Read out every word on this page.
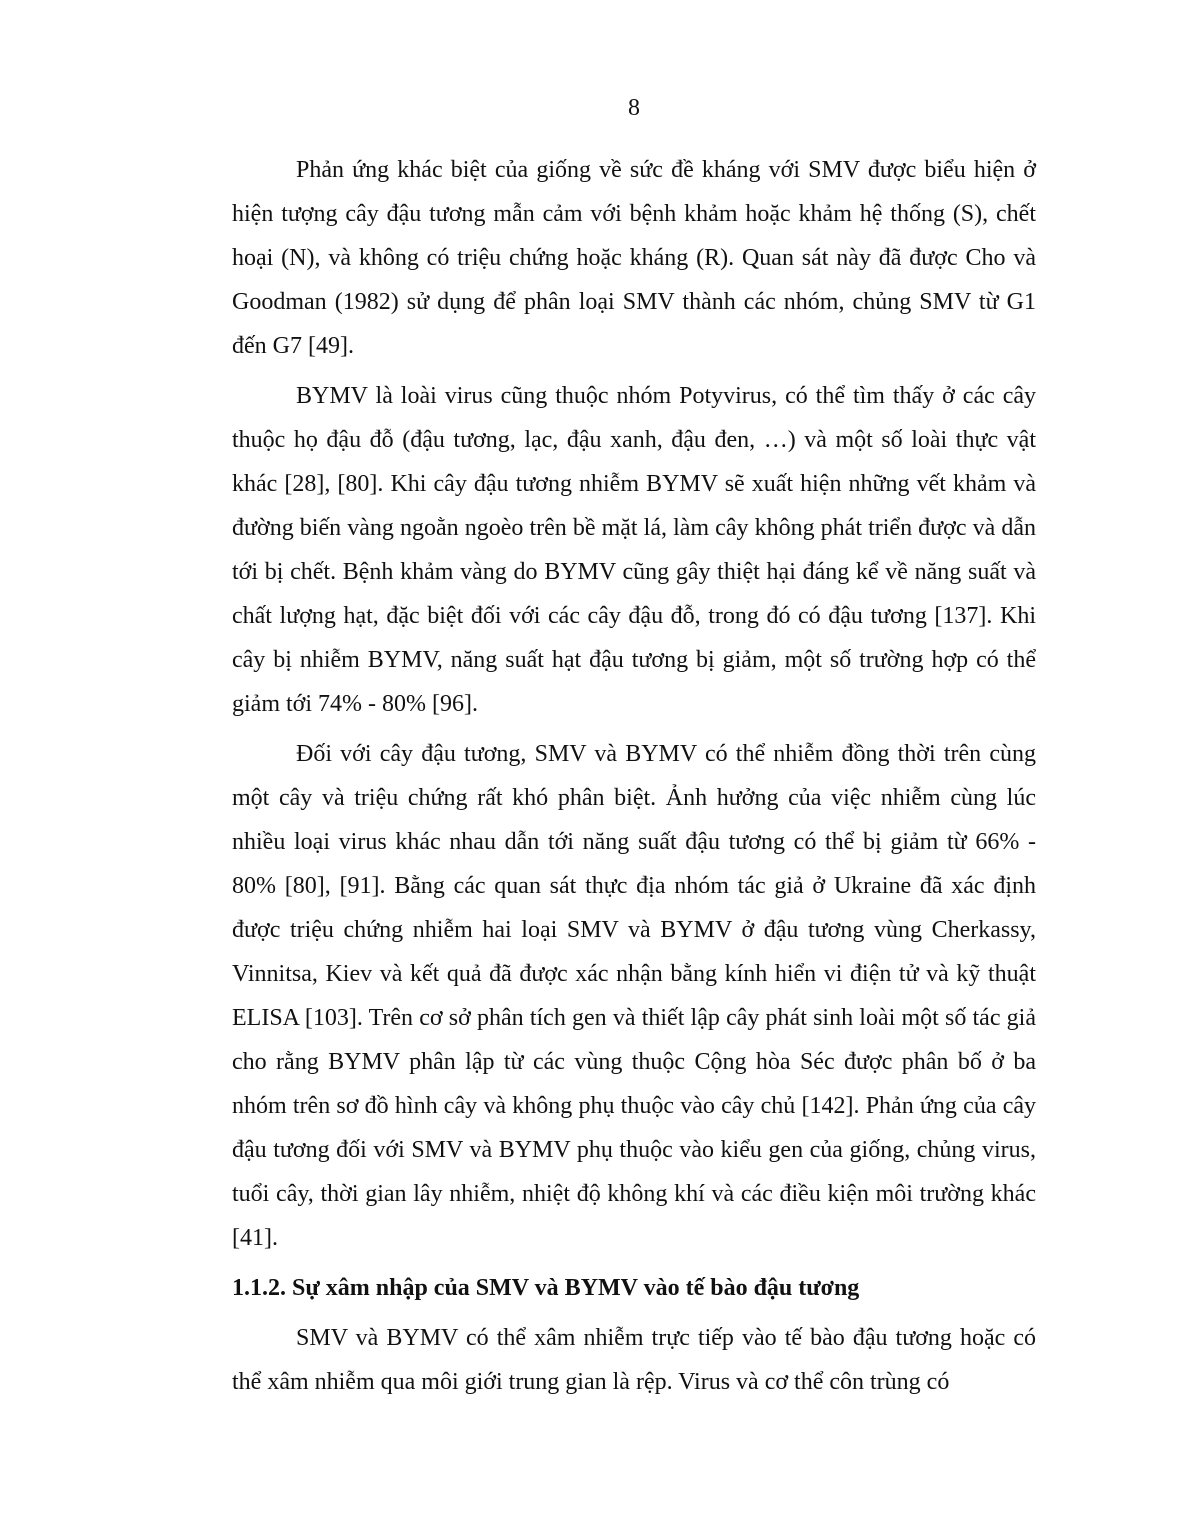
8

Phản ứng khác biệt của giống về sức đề kháng với SMV được biểu hiện ở hiện tượng cây đậu tương mẫn cảm với bệnh khảm hoặc khảm hệ thống (S), chết hoại (N), và không có triệu chứng hoặc kháng (R). Quan sát này đã được Cho và Goodman (1982) sử dụng để phân loại SMV thành các nhóm, chủng SMV từ G1 đến G7 [49].

BYMV là loài virus cũng thuộc nhóm Potyvirus, có thể tìm thấy ở các cây thuộc họ đậu đỗ (đậu tương, lạc, đậu xanh, đậu đen, …) và một số loài thực vật khác [28], [80]. Khi cây đậu tương nhiễm BYMV sẽ xuất hiện những vết khảm và đường biến vàng ngoằn ngoèo trên bề mặt lá, làm cây không phát triển được và dẫn tới bị chết. Bệnh khảm vàng do BYMV cũng gây thiệt hại đáng kể về năng suất và chất lượng hạt, đặc biệt đối với các cây đậu đỗ, trong đó có đậu tương [137]. Khi cây bị nhiễm BYMV, năng suất hạt đậu tương bị giảm, một số trường hợp có thể giảm tới 74% - 80% [96].

Đối với cây đậu tương, SMV và BYMV có thể nhiễm đồng thời trên cùng một cây và triệu chứng rất khó phân biệt. Ảnh hưởng của việc nhiễm cùng lúc nhiều loại virus khác nhau dẫn tới năng suất đậu tương có thể bị giảm từ 66% - 80% [80], [91]. Bằng các quan sát thực địa nhóm tác giả ở Ukraine đã xác định được triệu chứng nhiễm hai loại SMV và BYMV ở đậu tương vùng Cherkassy, Vinnitsa, Kiev và kết quả đã được xác nhận bằng kính hiển vi điện tử và kỹ thuật ELISA [103]. Trên cơ sở phân tích gen và thiết lập cây phát sinh loài một số tác giả cho rằng BYMV phân lập từ các vùng thuộc Cộng hòa Séc được phân bố ở ba nhóm trên sơ đồ hình cây và không phụ thuộc vào cây chủ [142]. Phản ứng của cây đậu tương đối với SMV và BYMV phụ thuộc vào kiểu gen của giống, chủng virus, tuổi cây, thời gian lây nhiễm, nhiệt độ không khí và các điều kiện môi trường khác [41].

1.1.2. Sự xâm nhập của SMV và BYMV vào tế bào đậu tương

SMV và BYMV có thể xâm nhiễm trực tiếp vào tế bào đậu tương hoặc có thể xâm nhiễm qua môi giới trung gian là rệp. Virus và cơ thể côn trùng có
